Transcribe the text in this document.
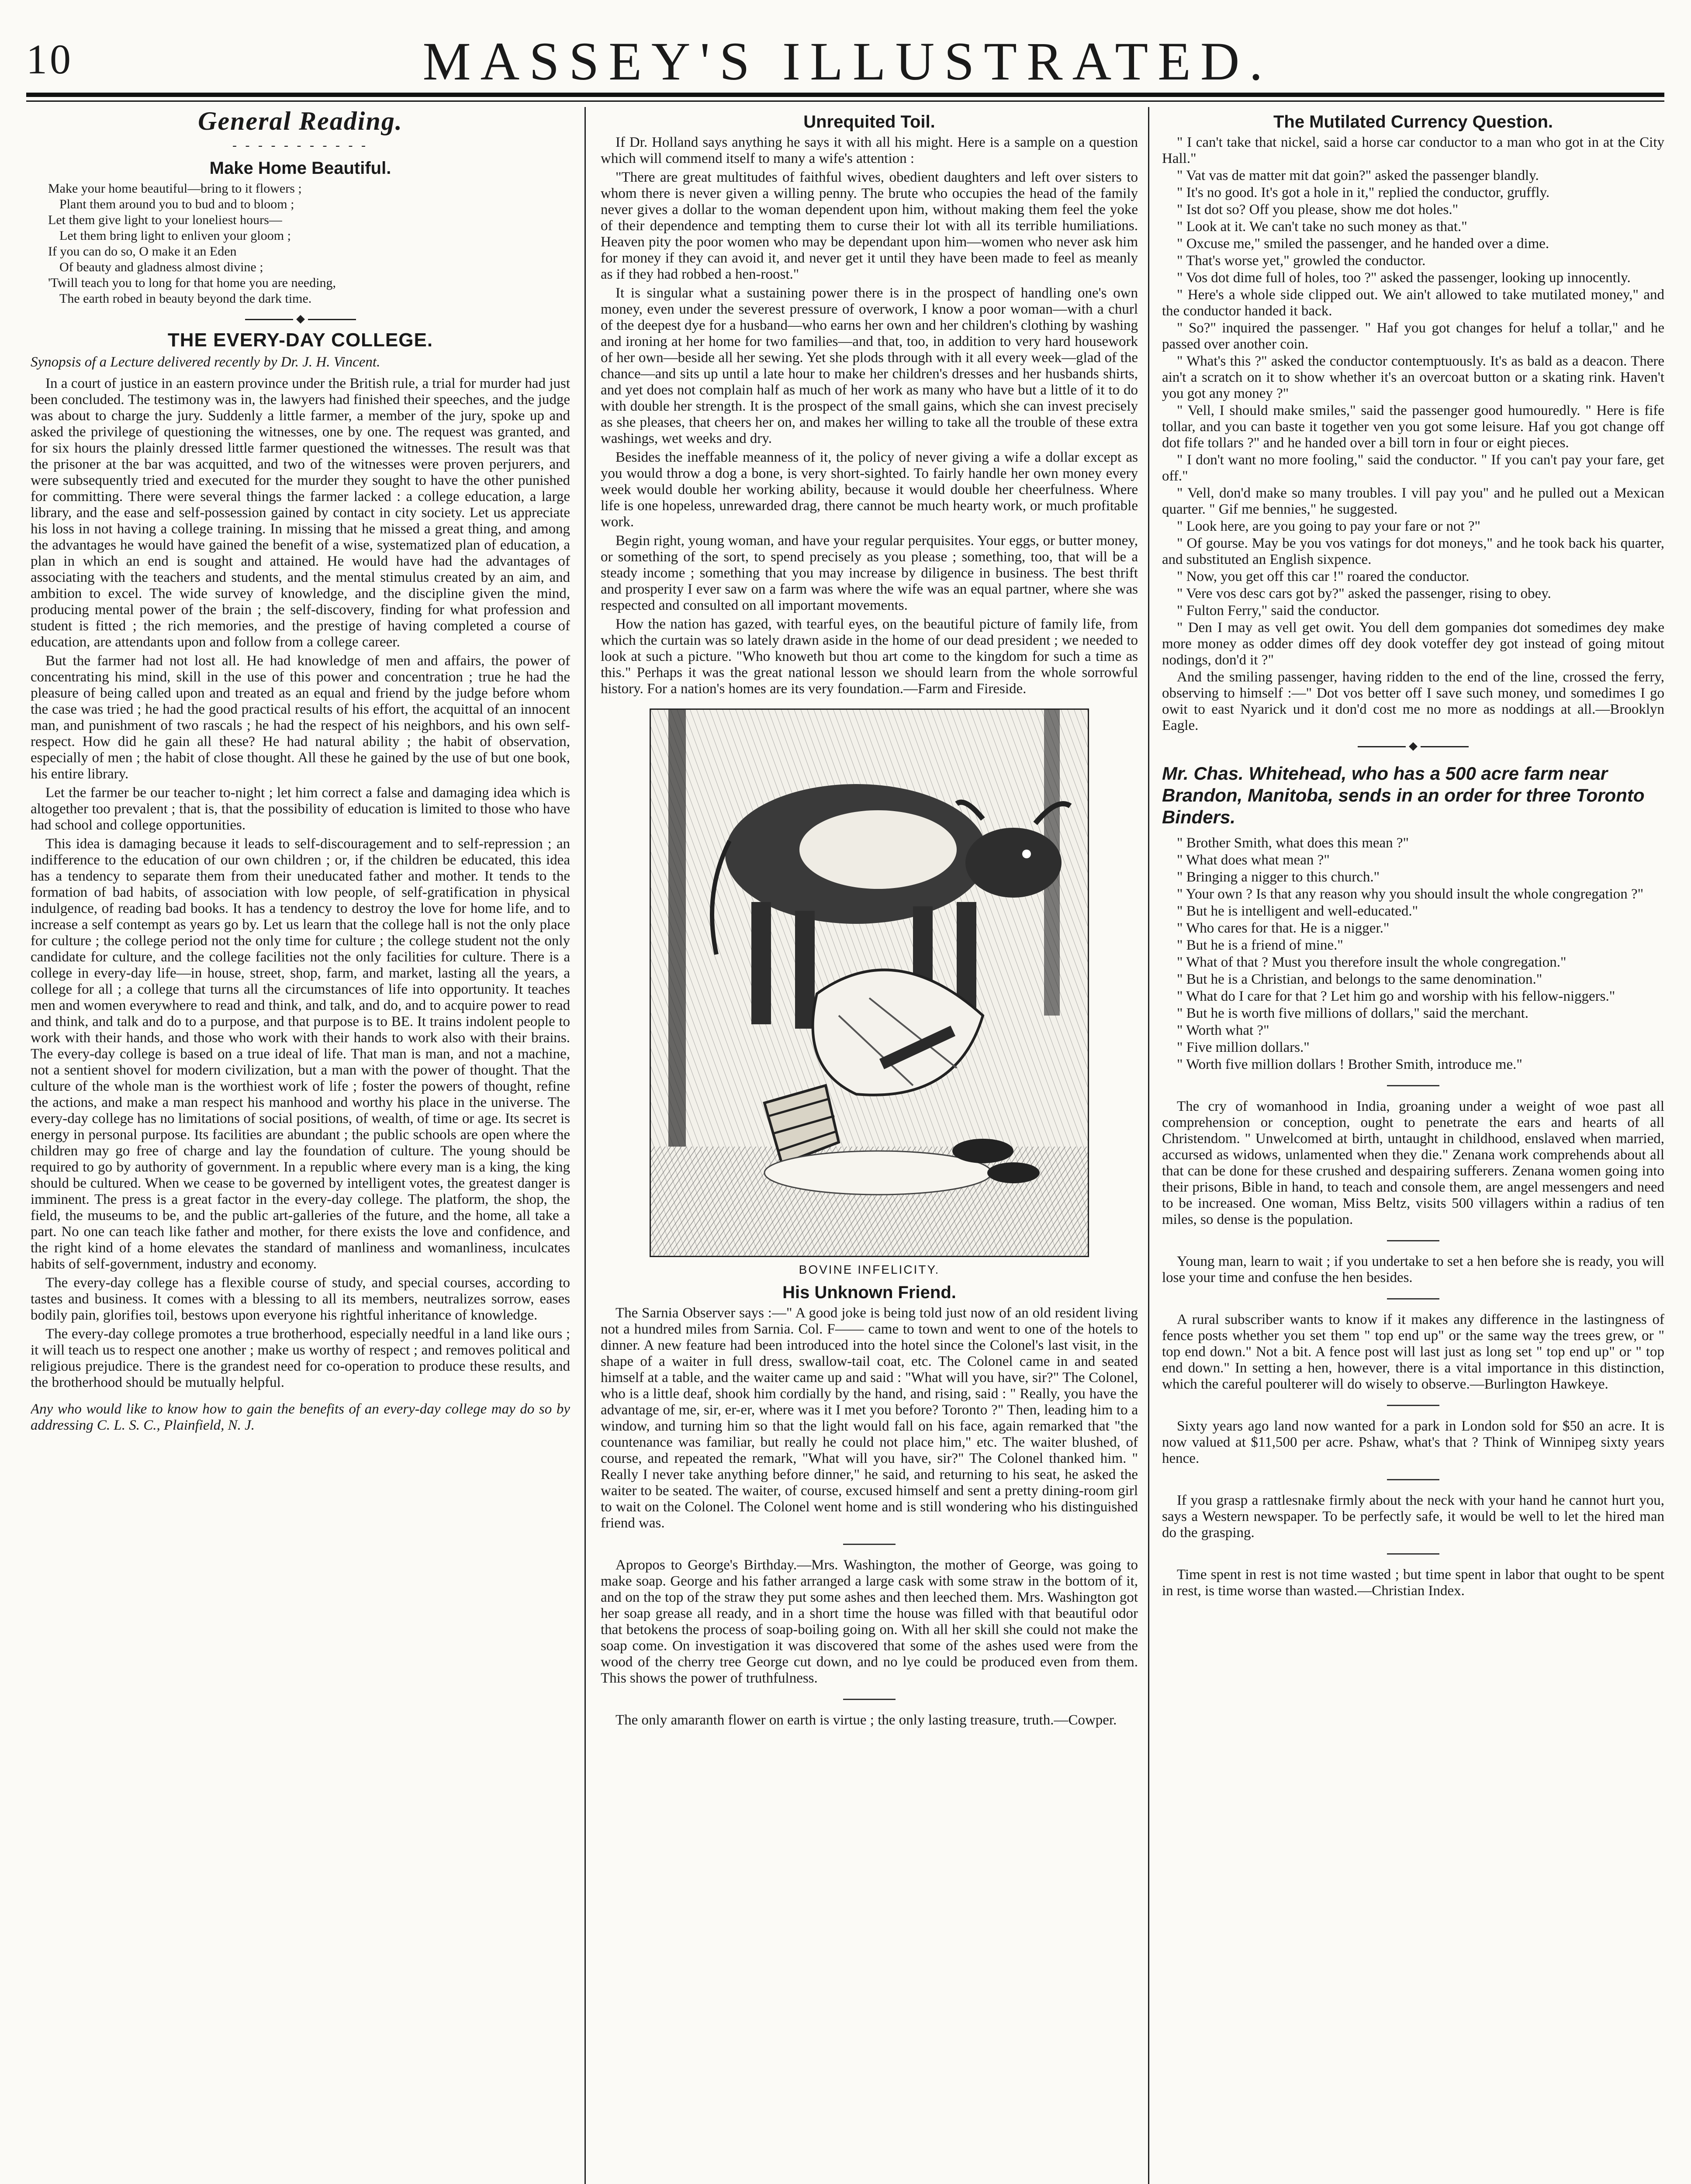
10	MASSEY'S ILLUSTRATED.
General Reading.
- - - - - - - - - - -
Make Home Beautiful.
Make your home beautiful—bring to it flowers ;
Plant them around you to bud and to bloom ;
Let them give light to your loneliest hours—
Let them bring light to enliven your gloom ;
If you can do so, O make it an Eden
Of beauty and gladness almost divine ;
'Twill teach you to long for that home you are needing,
The earth robed in beauty beyond the dark time.
THE EVERY-DAY COLLEGE.
Synopsis of a Lecture delivered recently by Dr. J. H. Vincent.

In a court of justice in an eastern province under the British rule, a trial for murder had just been concluded. The testimony was in, the lawyers had finished their speeches, and the judge was about to charge the jury. Suddenly a little farmer, a member of the jury, spoke up and asked the privilege of questioning the witnesses, one by one. The request was granted, and for six hours the plainly dressed little farmer questioned the witnesses. The result was that the prisoner at the bar was acquitted, and two of the witnesses were proven perjurers, and were subsequently tried and executed for the murder they sought to have the other punished for committing. There were several things the farmer lacked : a college education, a large library, and the ease and self-possession gained by contact in city society. Let us appreciate his loss in not having a college training. In missing that he missed a great thing, and among the advantages he would have gained the benefit of a wise, systematized plan of education, a plan in which an end is sought and attained. He would have had the advantages of associating with the teachers and students, and the mental stimulus created by an aim, and ambition to excel. The wide survey of knowledge, and the discipline given the mind, producing mental power of the brain ; the self-discovery, finding for what profession and student is fitted ; the rich memories, and the prestige of having completed a course of education, are attendants upon and follow from a college career.

But the farmer had not lost all. He had knowledge of men and affairs, the power of concentrating his mind, skill in the use of this power and concentration ; true he had the pleasure of being called upon and treated as an equal and friend by the judge before whom the case was tried ; he had the good practical results of his effort, the acquittal of an innocent man, and punishment of two rascals ; he had the respect of his neighbors, and his own self-respect. How did he gain all these? He had natural ability ; the habit of observation, especially of men ; the habit of close thought. All these he gained by the use of but one book, his entire library.

Let the farmer be our teacher to-night ; let him correct a false and damaging idea which is altogether too prevalent ; that is, that the possibility of education is limited to those who have had school and college opportunities.

This idea is damaging because it leads to self-discouragement and to self-repression ; an indifference to the education of our own children ; or, if the children be educated, this idea has a tendency to separate them from their uneducated father and mother. It tends to the formation of bad habits, of association with low people, of self-gratification in physical indulgence, of reading bad books. It has a tendency to destroy the love for home life, and to increase a self contempt as years go by. Let us learn that the college hall is not the only place for culture ; the college period not the only time for culture ; the college student not the only candidate for culture, and the college facilities not the only facilities for culture. There is a college in every-day life—in house, street, shop, farm, and market, lasting all the years, a college for all ; a college that turns all the circumstances of life into opportunity. It teaches men and women everywhere to read and think, and talk, and do, and to acquire power to read and think, and talk and do to a purpose, and that purpose is to BE. It trains indolent people to work with their hands, and those who work with their hands to work also with their brains. The every-day college is based on a true ideal of life. That man is man, and not a machine, not a sentient shovel for modern civilization, but a man with the power of thought. That the culture of the whole man is the worthiest work of life ; foster the powers of thought, refine the actions, and make a man respect his manhood and worthy his place in the universe. The every-day college has no limitations of social positions, of wealth, of time or age. Its secret is energy in personal purpose. Its facilities are abundant ; the public schools are open where the children may go free of charge and lay the foundation of culture. The young should be required to go by authority of government. In a republic where every man is a king, the king should be cultured. When we cease to be governed by intelligent votes, the greatest danger is imminent. The press is a great factor in the every-day college. The platform, the shop, the field, the museums to be, and the public art-galleries of the future, and the home, all take a part. No one can teach like father and mother, for there exists the love and confidence, and the right kind of a home elevates the standard of manliness and womanliness, inculcates habits of self-government, industry and economy.

The every-day college has a flexible course of study, and special courses, according to tastes and business. It comes with a blessing to all its members, neutralizes sorrow, eases bodily pain, glorifies toil, bestows upon everyone his rightful inheritance of knowledge.

The every-day college promotes a true brotherhood, especially needful in a land like ours ; it will teach us to respect one another ; make us worthy of respect ; and removes political and religious prejudice. There is the grandest need for co-operation to produce these results, and the brotherhood should be mutually helpful.

Any who would like to know how to gain the benefits of an every-day college may do so by addressing C. L. S. C., Plainfield, N. J.
Unrequited Toil.

If Dr. Holland says anything he says it with all his might. Here is a sample on a question which will commend itself to many a wife's attention :

"There are great multitudes of faithful wives, obedient daughters and left over sisters to whom there is never given a willing penny. The brute who occupies the head of the family never gives a dollar to the woman dependent upon him, without making them feel the yoke of their dependence and tempting them to curse their lot with all its terrible humiliations. Heaven pity the poor women who may be dependant upon him—women who never ask him for money if they can avoid it, and never get it until they have been made to feel as meanly as if they had robbed a hen-roost."

It is singular what a sustaining power there is in the prospect of handling one's own money, even under the severest pressure of overwork, I know a poor woman—with a churl of the deepest dye for a husband—who earns her own and her children's clothing by washing and ironing at her home for two families—and that, too, in addition to very hard housework of her own—beside all her sewing. Yet she plods through with it all every week—glad of the chance—and sits up until a late hour to make her children's dresses and her husbands shirts, and yet does not complain half as much of her work as many who have but a little of it to do with double her strength. It is the prospect of the small gains, which she can invest precisely as she pleases, that cheers her on, and makes her willing to take all the trouble of these extra washings, wet weeks and dry.

Besides the ineffable meanness of it, the policy of never giving a wife a dollar except as you would throw a dog a bone, is very short-sighted. To fairly handle her own money every week would double her working ability, because it would double her cheerfulness. Where life is one hopeless, unrewarded drag, there cannot be much hearty work, or much profitable work.

Begin right, young woman, and have your regular perquisites. Your eggs, or butter money, or something of the sort, to spend precisely as you please ; something, too, that will be a steady income ; something that you may increase by diligence in business. The best thrift and prosperity I ever saw on a farm was where the wife was an equal partner, where she was respected and consulted on all important movements.

How the nation has gazed, with tearful eyes, on the beautiful picture of family life, from which the curtain was so lately drawn aside in the home of our dead president ; we needed to look at such a picture. "Who knoweth but thou art come to the kingdom for such a time as this." Perhaps it was the great national lesson we should learn from the whole sorrowful history. For a nation's homes are its very foundation.—Farm and Fireside.

BOVINE INFELICITY.
His Unknown Friend.

The Sarnia Observer says :—" A good joke is being told just now of an old resident living not a hundred miles from Sarnia. Col. F—— came to town and went to one of the hotels to dinner. A new feature had been introduced into the hotel since the Colonel's last visit, in the shape of a waiter in full dress, swallow-tail coat, etc. The Colonel came in and seated himself at a table, and the waiter came up and said : "What will you have, sir?" The Colonel, who is a little deaf, shook him cordially by the hand, and rising, said : " Really, you have the advantage of me, sir, er-er, where was it I met you before? Toronto ?" Then, leading him to a window, and turning him so that the light would fall on his face, again remarked that "the countenance was familiar, but really he could not place him," etc. The waiter blushed, of course, and repeated the remark, "What will you have, sir?" The Colonel thanked him. " Really I never take anything before dinner," he said, and returning to his seat, he asked the waiter to be seated. The waiter, of course, excused himself and sent a pretty dining-room girl to wait on the Colonel. The Colonel went home and is still wondering who his distinguished friend was.

Apropos to George's Birthday.—Mrs. Washington, the mother of George, was going to make soap. George and his father arranged a large cask with some straw in the bottom of it, and on the top of the straw they put some ashes and then leeched them. Mrs. Washington got her soap grease all ready, and in a short time the house was filled with that beautiful odor that betokens the process of soap-boiling going on. With all her skill she could not make the soap come. On investigation it was discovered that some of the ashes used were from the wood of the cherry tree George cut down, and no lye could be produced even from them. This shows the power of truthfulness.

The only amaranth flower on earth is virtue ; the only lasting treasure, truth.—Cowper.

The Mutilated Currency Question.

" I can't take that nickel, said a horse car conductor to a man who got in at the City Hall."

" Vat vas de matter mit dat goin?" asked the passenger blandly.

" It's no good. It's got a hole in it," replied the conductor, gruffly.

" Ist dot so? Off you please, show me dot holes."

" Look at it. We can't take no such money as that."

" Oxcuse me," smiled the passenger, and he handed over a dime.

" That's worse yet," growled the conductor.

" Vos dot dime full of holes, too ?" asked the passenger, looking up innocently.

" Here's a whole side clipped out. We ain't allowed to take mutilated money," and the conductor handed it back.

" So?" inquired the passenger. " Haf you got changes for heluf a tollar," and he passed over another coin.

" What's this ?" asked the conductor contemptuously. It's as bald as a deacon. There ain't a scratch on it to show whether it's an overcoat button or a skating rink. Haven't you got any money ?"

" Vell, I should make smiles," said the passenger good humouredly. " Here is fife tollar, and you can baste it together ven you got some leisure. Haf you got change off dot fife tollars ?" and he handed over a bill torn in four or eight pieces.

" I don't want no more fooling," said the conductor. " If you can't pay your fare, get off."

" Vell, don'd make so many troubles. I vill pay you" and he pulled out a Mexican quarter. " Gif me bennies," he suggested.

" Look here, are you going to pay your fare or not ?"

" Of gourse. May be you vos vatings for dot moneys," and he took back his quarter, and substituted an English sixpence.

" Now, you get off this car !" roared the conductor.

" Vere vos desc cars got by?" asked the passenger, rising to obey.

" Fulton Ferry," said the conductor.

" Den I may as vell get owit. You dell dem gompanies dot somedimes dey make more money as odder dimes off dey dook voteffer dey got instead of going mitout nodings, don'd it ?"

And the smiling passenger, having ridden to the end of the line, crossed the ferry, observing to himself :—" Dot vos better off I save such money, und somedimes I go owit to east Nyarick und it don'd cost me no more as noddings at all.—Brooklyn Eagle.

Mr. Chas. Whitehead, who has a 500 acre farm near Brandon, Manitoba, sends in an order for three Toronto Binders.

" Brother Smith, what does this mean ?"

" What does what mean ?"

" Bringing a nigger to this church."

" Your own ? Is that any reason why you should insult the whole congregation ?"

" But he is intelligent and well-educated."

" Who cares for that. He is a nigger."

" But he is a friend of mine."

" What of that ? Must you therefore insult the whole congregation."

" But he is a Christian, and belongs to the same denomination."

" What do I care for that ? Let him go and worship with his fellow-niggers."

" But he is worth five millions of dollars," said the merchant.

" Worth what ?"

" Five million dollars."

" Worth five million dollars ! Brother Smith, introduce me."

The cry of womanhood in India, groaning under a weight of woe past all comprehension or conception, ought to penetrate the ears and hearts of all Christendom. " Unwelcomed at birth, untaught in childhood, enslaved when married, accursed as widows, unlamented when they die." Zenana work comprehends about all that can be done for these crushed and despairing sufferers. Zenana women going into their prisons, Bible in hand, to teach and console them, are angel messengers and need to be increased. One woman, Miss Beltz, visits 500 villagers within a radius of ten miles, so dense is the population.

Young man, learn to wait ; if you undertake to set a hen before she is ready, you will lose your time and confuse the hen besides.

A rural subscriber wants to know if it makes any difference in the lastingness of fence posts whether you set them " top end up" or the same way the trees grew, or " top end down." Not a bit. A fence post will last just as long set " top end up" or " top end down." In setting a hen, however, there is a vital importance in this distinction, which the careful poulterer will do wisely to observe.—Burlington Hawkeye.

Sixty years ago land now wanted for a park in London sold for $50 an acre. It is now valued at $11,500 per acre. Pshaw, what's that ? Think of Winnipeg sixty years hence.

If you grasp a rattlesnake firmly about the neck with your hand he cannot hurt you, says a Western newspaper. To be perfectly safe, it would be well to let the hired man do the grasping.

Time spent in rest is not time wasted ; but time spent in labor that ought to be spent in rest, is time worse than wasted.—Christian Index.
